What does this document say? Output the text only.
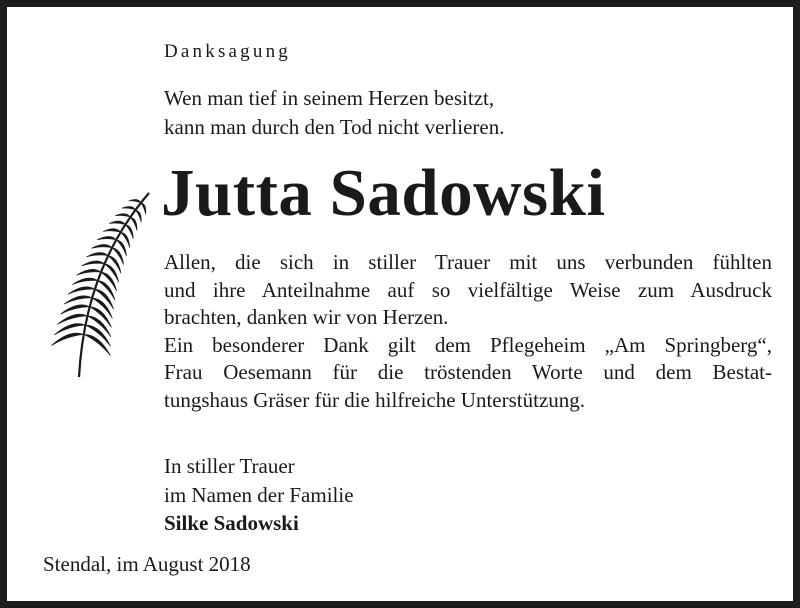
Danksagung
Wen man tief in seinem Herzen besitzt,
kann man durch den Tod nicht verlieren.
Jutta Sadowski
Allen, die sich in stiller Trauer mit uns verbunden fühlten
und ihre Anteilnahme auf so vielfältige Weise zum Ausdruck
brachten, danken wir von Herzen.
Ein besonderer Dank gilt dem Pflegeheim „Am Springberg“,
Frau Oesemann für die tröstenden Worte und dem Bestat-
tungshaus Gräser für die hilfreiche Unterstützung.
In stiller Trauer
im Namen der Familie
Silke Sadowski
Stendal, im August 2018
